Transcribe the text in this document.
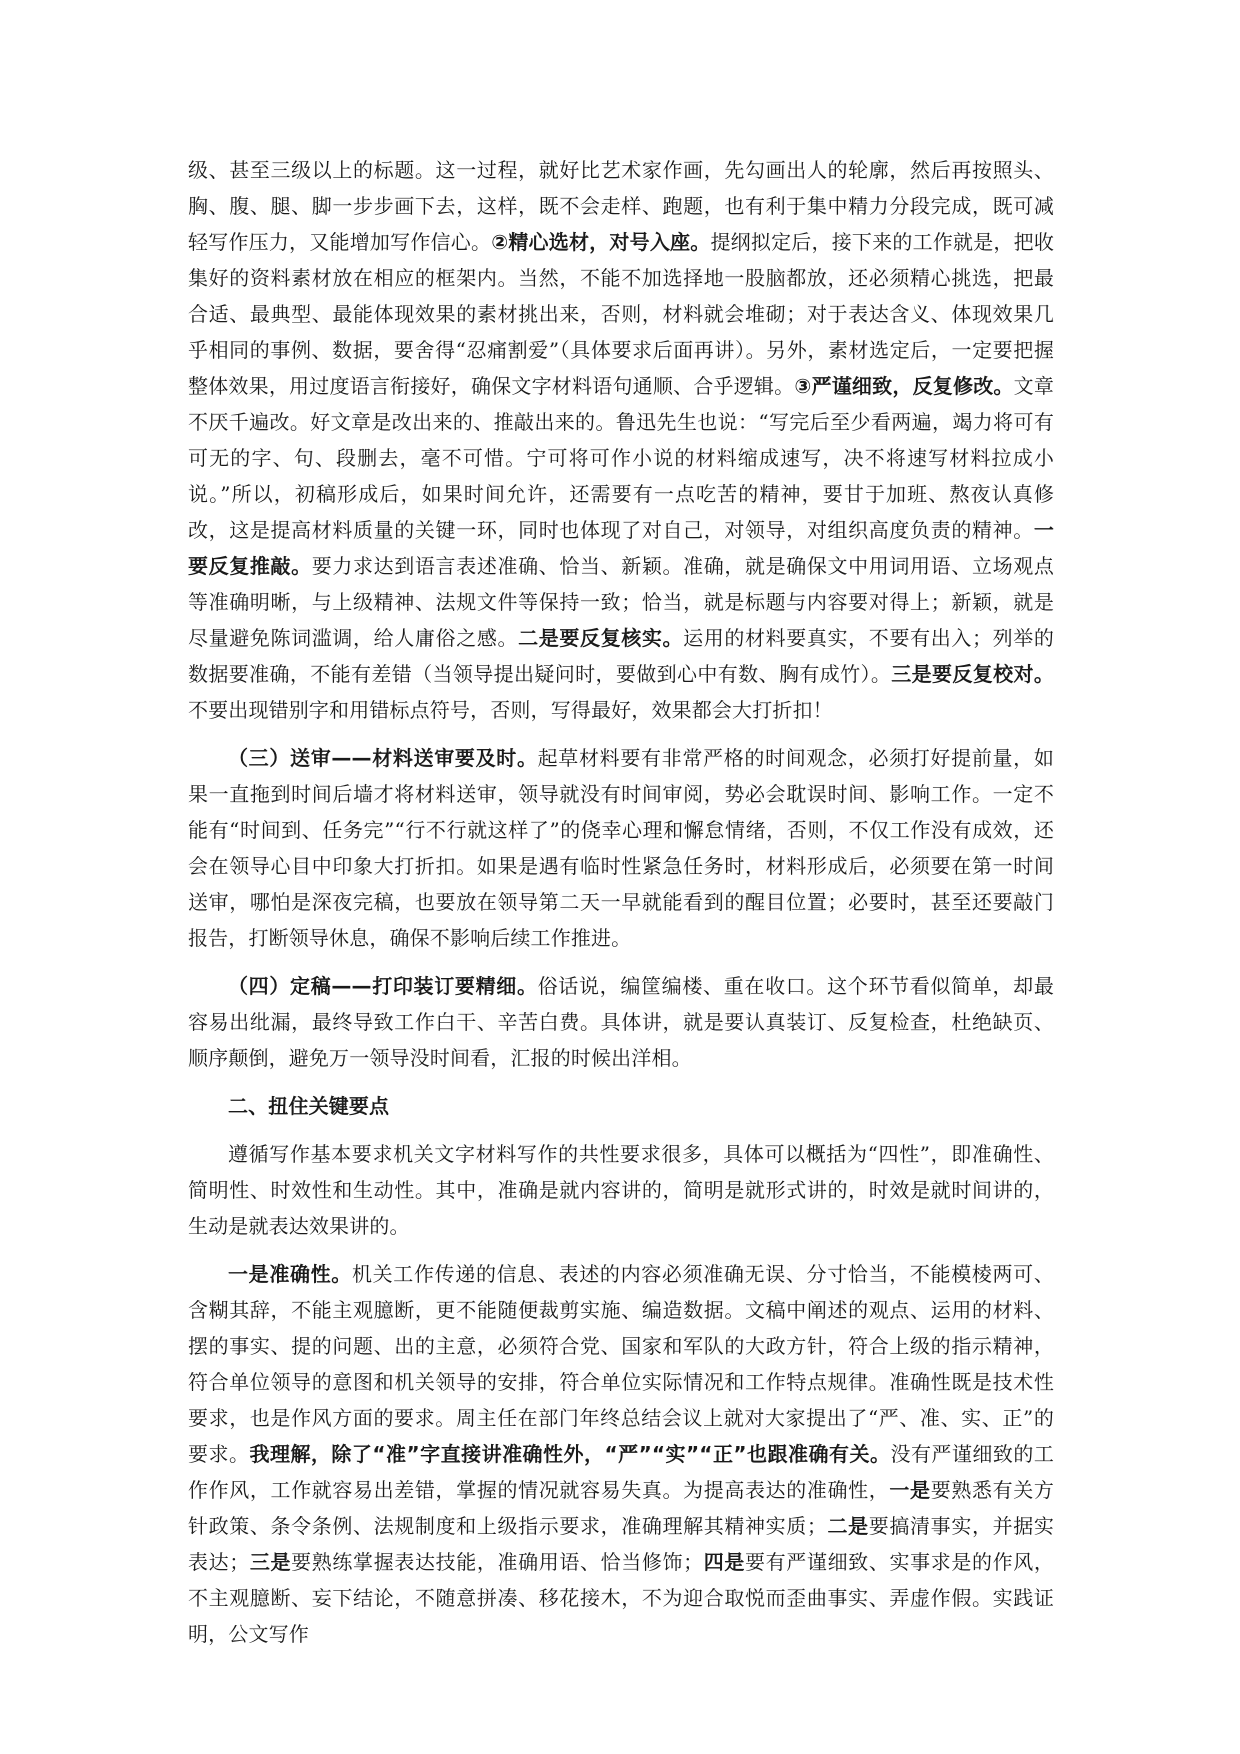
级、甚至三级以上的标题。这一过程，就好比艺术家作画，先勾画出人的轮廓，然后再按照头、胸、腹、腿、脚一步步画下去，这样，既不会走样、跑题，也有利于集中精力分段完成，既可减轻写作压力，又能增加写作信心。②精心选材，对号入座。提纲拟定后，接下来的工作就是，把收集好的资料素材放在相应的框架内。当然，不能不加选择地一股脑都放，还必须精心挑选，把最合适、最典型、最能体现效果的素材挑出来，否则，材料就会堆砌；对于表达含义、体现效果几乎相同的事例、数据，要舍得“忍痛割爱”（具体要求后面再讲）。另外，素材选定后，一定要把握整体效果，用过度语言衔接好，确保文字材料语句通顺、合乎逻辑。③严谨细致，反复修改。文章不厌千遍改。好文章是改出来的、推敲出来的。鲁迅先生也说：“写完后至少看两遍，竭力将可有可无的字、句、段删去，毫不可惜。宁可将可作小说的材料缩成速写，决不将速写材料拉成小说。”所以，初稿形成后，如果时间允许，还需要有一点吃苦的精神，要甘于加班、熬夜认真修改，这是提高材料质量的关键一环，同时也体现了对自己，对领导，对组织高度负责的精神。一要反复推敲。要力求达到语言表述准确、恰当、新颖。准确，就是确保文中用词用语、立场观点等准确明晰，与上级精神、法规文件等保持一致；恰当，就是标题与内容要对得上；新颖，就是尽量避免陈词滥调，给人庸俗之感。二是要反复核实。运用的材料要真实，不要有出入；列举的数据要准确，不能有差错（当领导提出疑问时，要做到心中有数、胸有成竹）。三是要反复校对。不要出现错别字和用错标点符号，否则，写得最好，效果都会大打折扣！

（三）送审——材料送审要及时。起草材料要有非常严格的时间观念，必须打好提前量，如果一直拖到时间后墙才将材料送审，领导就没有时间审阅，势必会耽误时间、影响工作。一定不能有“时间到、任务完”“行不行就这样了”的侥幸心理和懈怠情绪，否则，不仅工作没有成效，还会在领导心目中印象大打折扣。如果是遇有临时性紧急任务时，材料形成后，必须要在第一时间送审，哪怕是深夜完稿，也要放在领导第二天一早就能看到的醒目位置；必要时，甚至还要敲门报告，打断领导休息，确保不影响后续工作推进。

（四）定稿——打印装订要精细。俗话说，编筐编楼、重在收口。这个环节看似简单，却最容易出纰漏，最终导致工作白干、辛苦白费。具体讲，就是要认真装订、反复检查，杜绝缺页、顺序颠倒，避免万一领导没时间看，汇报的时候出洋相。

二、扭住关键要点

遵循写作基本要求机关文字材料写作的共性要求很多，具体可以概括为“四性”，即准确性、简明性、时效性和生动性。其中，准确是就内容讲的，简明是就形式讲的，时效是就时间讲的，生动是就表达效果讲的。

一是准确性。机关工作传递的信息、表述的内容必须准确无误、分寸恰当，不能模棱两可、含糊其辞，不能主观臆断，更不能随便裁剪实施、编造数据。文稿中阐述的观点、运用的材料、摆的事实、提的问题、出的主意，必须符合党、国家和军队的大政方针，符合上级的指示精神，符合单位领导的意图和机关领导的安排，符合单位实际情况和工作特点规律。准确性既是技术性要求，也是作风方面的要求。周主任在部门年终总结会议上就对大家提出了“严、准、实、正”的要求。我理解，除了“准”字直接讲准确性外，“严”“实”“正”也跟准确有关。没有严谨细致的工作作风，工作就容易出差错，掌握的情况就容易失真。为提高表达的准确性，一是要熟悉有关方针政策、条令条例、法规制度和上级指示要求，准确理解其精神实质；二是要搞清事实，并据实表达；三是要熟练掌握表达技能，准确用语、恰当修饰；四是要有严谨细致、实事求是的作风，不主观臆断、妄下结论，不随意拼凑、移花接木，不为迎合取悦而歪曲事实、弄虚作假。实践证明，公文写作
